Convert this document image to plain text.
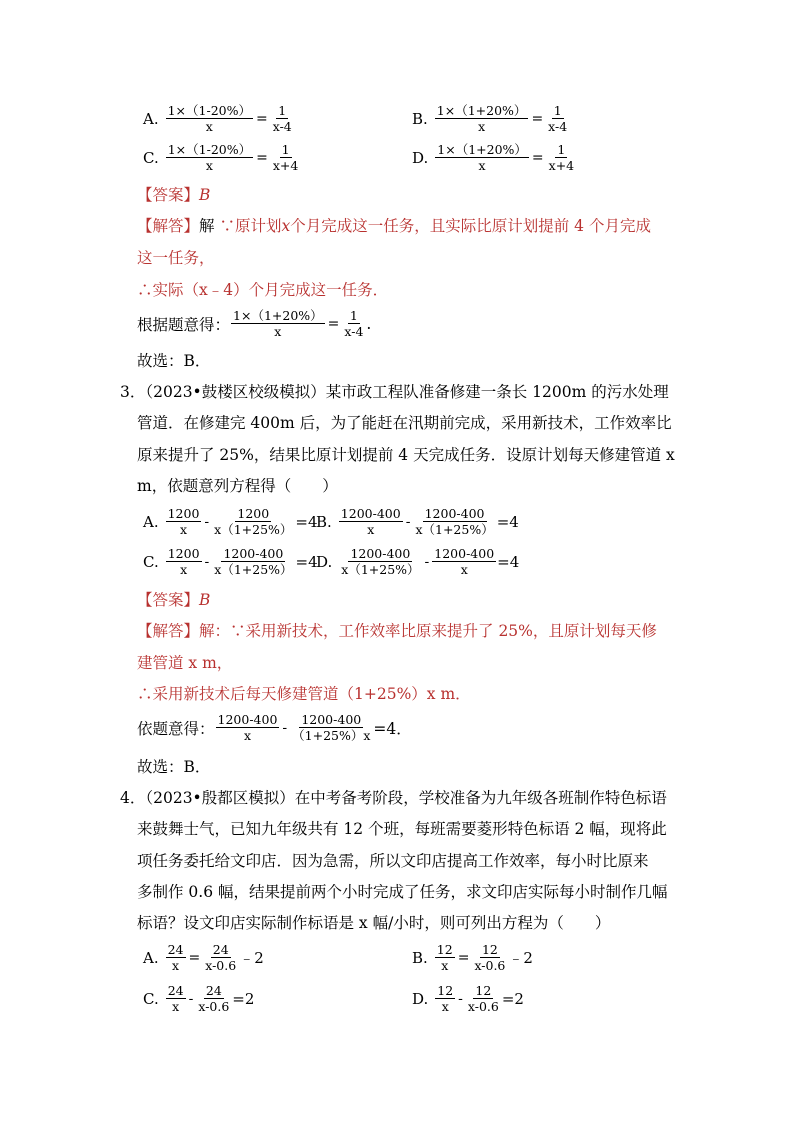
A. $\frac{1\times(1-20\%)}{x} = \frac{1}{x-4}$	B. $\frac{1\times(1+20\%)}{x} = \frac{1}{x-4}$
C. $\frac{1\times(1-20\%)}{x} = \frac{1}{x+4}$	D. $\frac{1\times(1+20\%)}{x} = \frac{1}{x+4}$
【答案】B
【解答】解 ∵原计划x个月完成这一任务，且实际比原计划提前 4 个月完成
这一任务，
∴实际（x﹣4）个月完成这一任务．
根据题意得： $\frac{1\times(1+20\%)}{x} = \frac{1}{x-4}$ .
故选：B．
3．（2023•鼓楼区校级模拟）某市政工程队准备修建一条长 1200m 的污水处理
管道．在修建完 400m 后，为了能赶在汛期前完成，采用新技术，工作效率比
原来提升了 25%，结果比原计划提前 4 天完成任务．设原计划每天修建管道 x
m，依题意列方程得（　　）
A. $\frac{1200}{x} - \frac{1200}{x(1+25\%)} =4$
B. $\frac{1200-400}{x} - \frac{1200-400}{x(1+25\%)} =4$
C. $\frac{1200}{x} - \frac{1200-400}{x(1+25\%)} =4$
D. $\frac{1200-400}{x(1+25\%)} - \frac{1200-400}{x} =4$
【答案】B
【解答】解：∵采用新技术，工作效率比原来提升了 25%，且原计划每天修
建管道 x m，
∴采用新技术后每天修建管道（1+25%）x m．
依题意得： $\frac{1200-400}{x} - \frac{1200-400}{(1+25\%)x} =4$．
故选：B．
4．（2023•殷都区模拟）在中考备考阶段，学校准备为九年级各班制作特色标语
来鼓舞士气，已知九年级共有 12 个班，每班需要菱形特色标语 2 幅，现将此
项任务委托给文印店．因为急需，所以文印店提高工作效率，每小时比原来
多制作 0.6 幅，结果提前两个小时完成了任务，求文印店实际每小时制作几幅
标语？设文印店实际制作标语是 x 幅/小时，则可列出方程为（　　）
A. $\frac{24}{x} = \frac{24}{x-0.6}$ ﹣2	B. $\frac{12}{x} = \frac{12}{x-0.6}$ ﹣2
C. $\frac{24}{x} - \frac{24}{x-0.6} =2$	D. $\frac{12}{x} - \frac{12}{x-0.6} =2$
